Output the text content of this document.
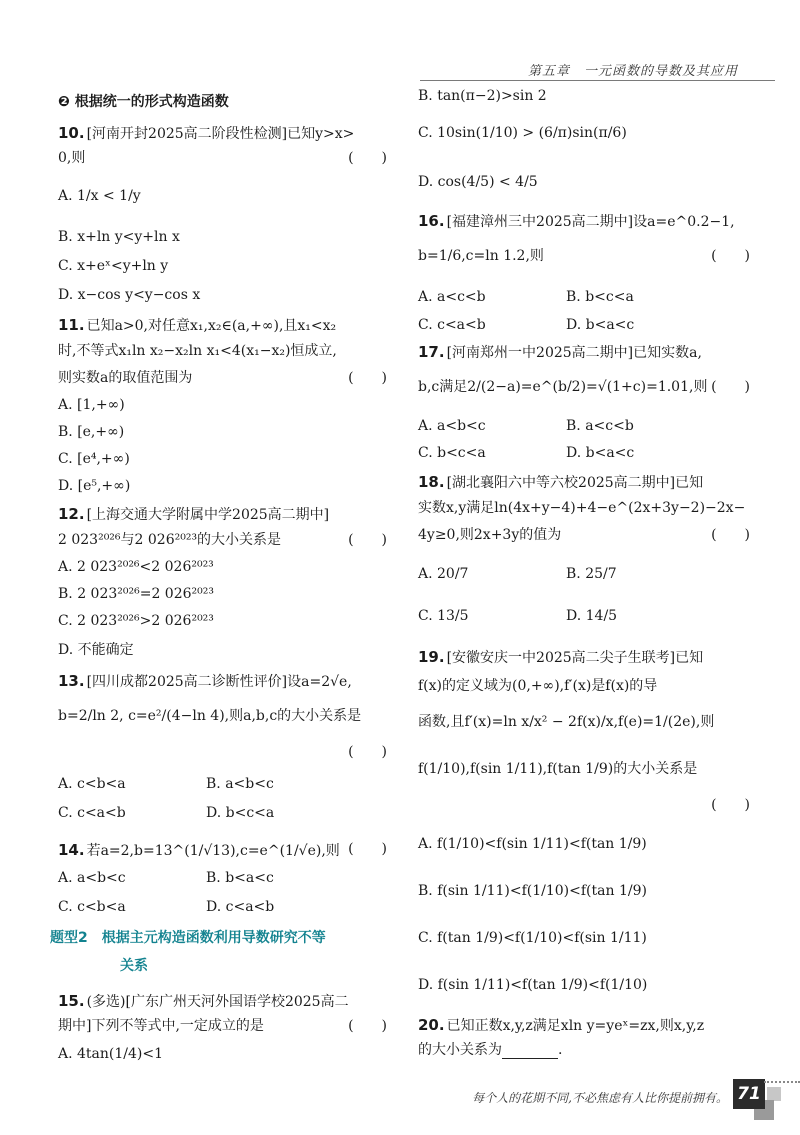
第五章　一元函数的导数及其应用
❷ 根据统一的形式构造函数
10. [河南开封2025高二阶段性检测]已知y>x>
0,则	(　　)
A. 1/x < 1/y
B. x+ln y<y+ln x
C. x+eˣ<y+ln y
D. x−cos y<y−cos x
11. 已知a>0,对任意x₁,x₂∈(a,+∞),且x₁<x₂
时,不等式x₁ln x₂−x₂ln x₁<4(x₁−x₂)恒成立,
则实数a的取值范围为	(　　)
A. [1,+∞)
B. [e,+∞)
C. [e⁴,+∞)
D. [e⁵,+∞)
12. [上海交通大学附属中学2025高二期中]
2 023²⁰²⁶与2 026²⁰²³的大小关系是	(　　)
A. 2 023²⁰²⁶<2 026²⁰²³
B. 2 023²⁰²⁶=2 026²⁰²³
C. 2 023²⁰²⁶>2 026²⁰²³
D. 不能确定
13. [四川成都2025高二诊断性评价]设a=2√e,
b=2/ln 2, c=e²/(4−ln 4),则a,b,c的大小关系是
(　　)
A. c<b<a	B. a<b<c
C. c<a<b	D. b<c<a
14. 若a=2,b=13^(1/√13),c=e^(1/√e),则 (　　)
A. a<b<c	B. b<a<c
C. c<b<a	D. c<a<b
题型2　根据主元构造函数利用导数研究不等
关系
15. (多选)[广东广州天河外国语学校2025高二
期中]下列不等式中,一定成立的是	(　　)
A. 4tan(1/4)<1
B. tan(π−2)>sin 2
C. 10sin(1/10) > (6/π)sin(π/6)
D. cos(4/5) < 4/5
16. [福建漳州三中2025高二期中]设a=e^0.2−1,
b=1/6,c=ln 1.2,则	(　　)
A. a<c<b	B. b<c<a
C. c<a<b	D. b<a<c
17. [河南郑州一中2025高二期中]已知实数a,
b,c满足2/(2−a)=e^(b/2)=√(1+c)=1.01,则 (　　)
A. a<b<c	B. a<c<b
C. b<c<a	D. b<a<c
18. [湖北襄阳六中等六校2025高二期中]已知
实数x,y满足ln(4x+y−4)+4−e^(2x+3y−2)−2x−
4y≥0,则2x+3y的值为	(　　)
A. 20/7	B. 25/7
C. 13/5	D. 14/5
19. [安徽安庆一中2025高二尖子生联考]已知
f(x)的定义域为(0,+∞),f′(x)是f(x)的导
函数,且f′(x)=ln x/x² − 2f(x)/x,f(e)=1/(2e),则
f(1/10),f(sin 1/11),f(tan 1/9)的大小关系是
(　　)
A. f(1/10)<f(sin 1/11)<f(tan 1/9)
B. f(sin 1/11)<f(1/10)<f(tan 1/9)
C. f(tan 1/9)<f(1/10)<f(sin 1/11)
D. f(sin 1/11)<f(tan 1/9)<f(1/10)
20. 已知正数x,y,z满足xln y=yeˣ=zx,则x,y,z
的大小关系为	.
每个人的花期不同,不必焦虑有人比你提前拥有。 71
